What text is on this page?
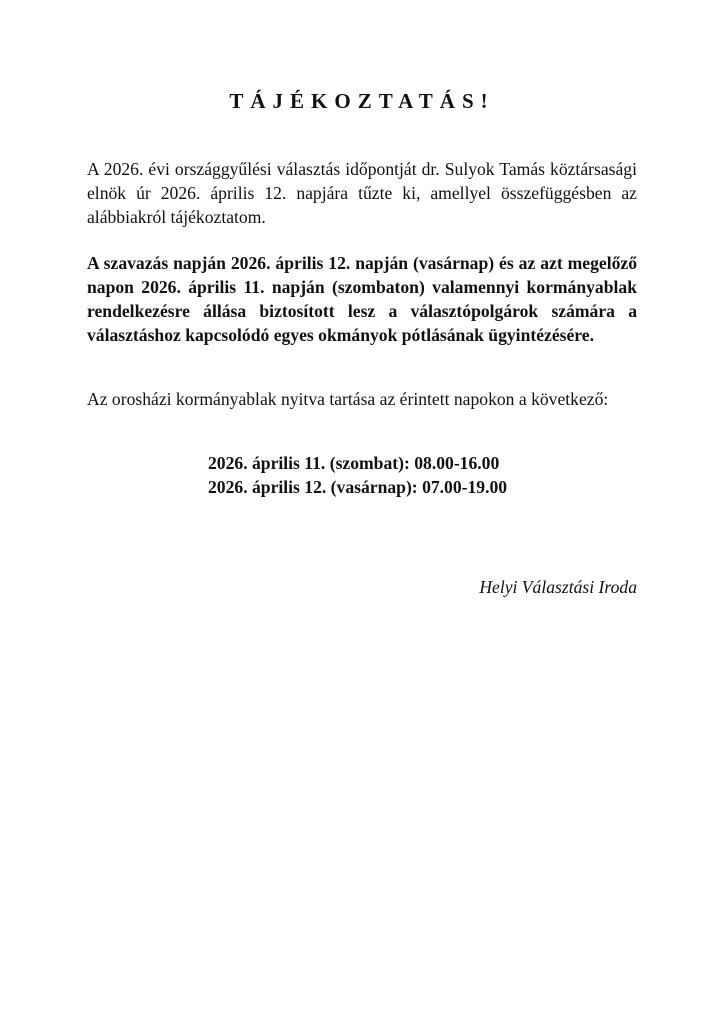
TÁJÉKOZTATÁS!

A 2026. évi országgyűlési választás időpontját dr. Sulyok Tamás köztársasági elnök úr 2026. április 12. napjára tűzte ki, amellyel összefüggésben az alábbiakról tájékoztatom.

A szavazás napján 2026. április 12. napján (vasárnap) és az azt megelőző napon 2026. április 11. napján (szombaton) valamennyi kormányablak rendelkezésre állása biztosított lesz a választópolgárok számára a választáshoz kapcsolódó egyes okmányok pótlásának ügyintézésére.

Az orosházi kormányablak nyitva tartása az érintett napokon a következő:

2026. április 11. (szombat): 08.00-16.00
2026. április 12. (vasárnap): 07.00-19.00
Helyi Választási Iroda
